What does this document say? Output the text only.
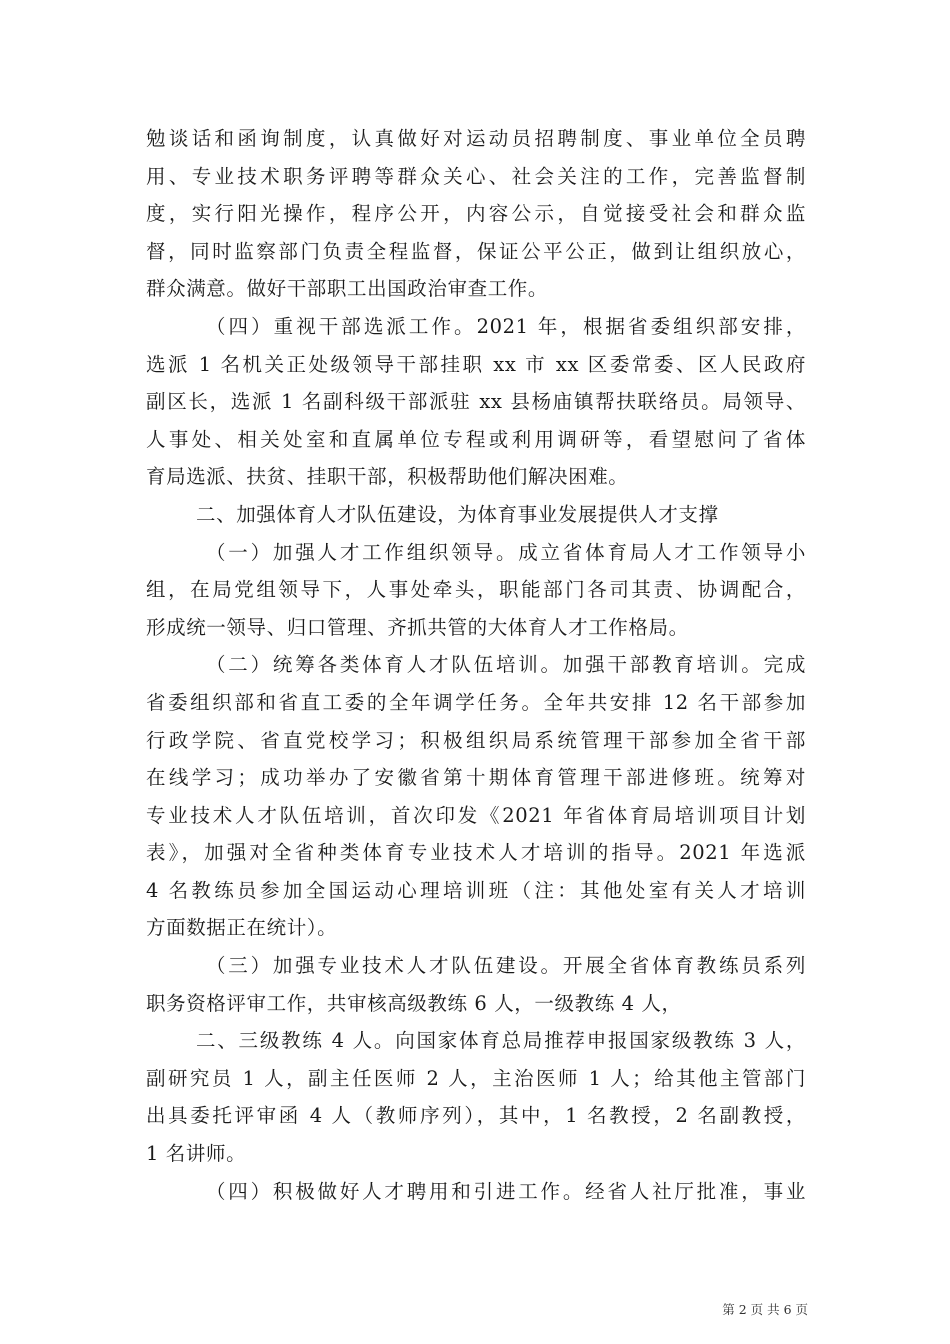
勉谈话和函询制度，认真做好对运动员招聘制度、事业单位全员聘
用、专业技术职务评聘等群众关心、社会关注的工作，完善监督制
度，实行阳光操作，程序公开，内容公示，自觉接受社会和群众监
督，同时监察部门负责全程监督，保证公平公正，做到让组织放心，
群众满意。做好干部职工出国政治审查工作。
（四）重视干部选派工作。2021 年，根据省委组织部安排，
选派 1 名机关正处级领导干部挂职 xx 市 xx 区委常委、区人民政府
副区长，选派 1 名副科级干部派驻 xx 县杨庙镇帮扶联络员。局领导、
人事处、相关处室和直属单位专程或利用调研等，看望慰问了省体
育局选派、扶贫、挂职干部，积极帮助他们解决困难。
二、加强体育人才队伍建设，为体育事业发展提供人才支撑
（一）加强人才工作组织领导。成立省体育局人才工作领导小
组，在局党组领导下，人事处牵头，职能部门各司其责、协调配合，
形成统一领导、归口管理、齐抓共管的大体育人才工作格局。
（二）统筹各类体育人才队伍培训。加强干部教育培训。完成
省委组织部和省直工委的全年调学任务。全年共安排 12 名干部参加
行政学院、省直党校学习；积极组织局系统管理干部参加全省干部
在线学习；成功举办了安徽省第十期体育管理干部进修班。统筹对
专业技术人才队伍培训，首次印发《2021 年省体育局培训项目计划
表》，加强对全省种类体育专业技术人才培训的指导。2021 年选派
4 名教练员参加全国运动心理培训班（注：其他处室有关人才培训
方面数据正在统计）。
（三）加强专业技术人才队伍建设。开展全省体育教练员系列
职务资格评审工作，共审核高级教练 6 人，一级教练 4 人，
二、三级教练 4 人。向国家体育总局推荐申报国家级教练 3 人，
副研究员 1 人，副主任医师 2 人，主治医师 1 人；给其他主管部门
出具委托评审函 4 人（教师序列），其中，1 名教授，2 名副教授，
1 名讲师。
（四）积极做好人才聘用和引进工作。经省人社厅批准，事业
第 2 页 共 6 页
